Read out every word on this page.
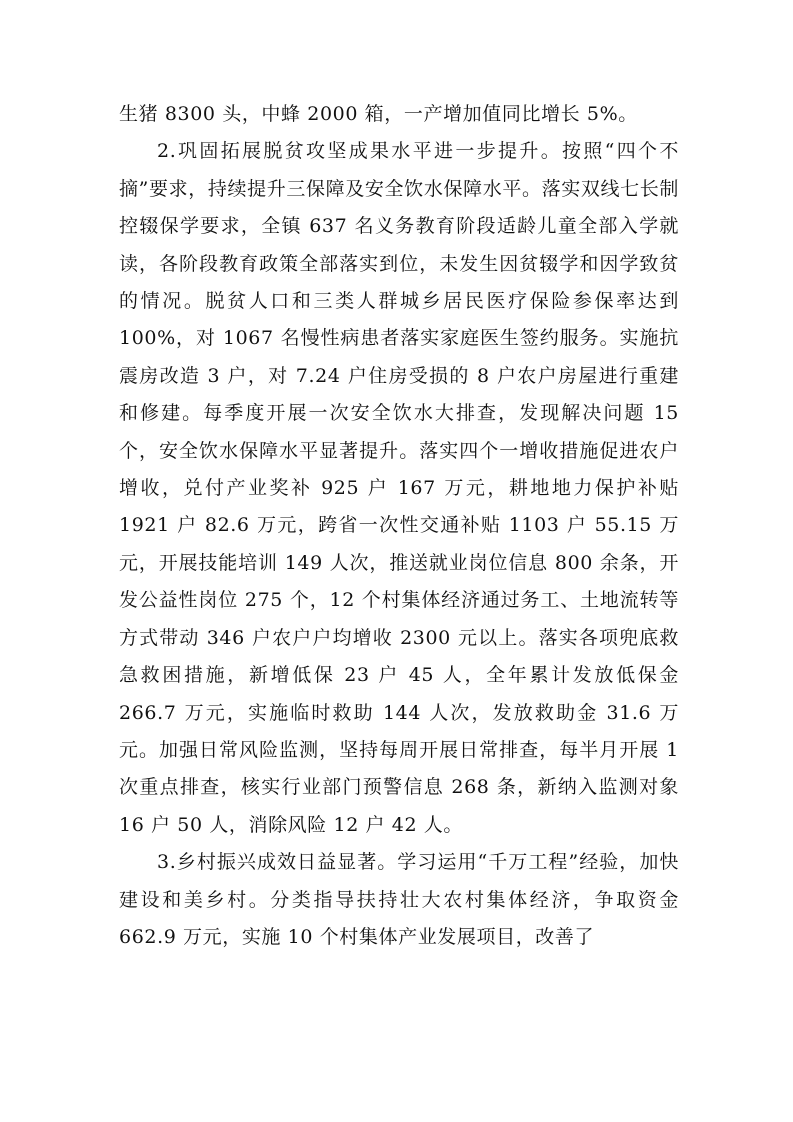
生猪 8300 头，中蜂 2000 箱，一产增加值同比增长 5%。

2.巩固拓展脱贫攻坚成果水平进一步提升。按照“四个不摘”要求，持续提升三保障及安全饮水保障水平。落实双线七长制控辍保学要求，全镇 637 名义务教育阶段适龄儿童全部入学就读，各阶段教育政策全部落实到位，未发生因贫辍学和因学致贫的情况。脱贫人口和三类人群城乡居民医疗保险参保率达到 100%，对 1067 名慢性病患者落实家庭医生签约服务。实施抗震房改造 3 户，对 7.24 户住房受损的 8 户农户房屋进行重建和修建。每季度开展一次安全饮水大排查，发现解决问题 15 个，安全饮水保障水平显著提升。落实四个一增收措施促进农户增收，兑付产业奖补 925 户 167 万元，耕地地力保护补贴 1921 户 82.6 万元，跨省一次性交通补贴 1103 户 55.15 万元，开展技能培训 149 人次，推送就业岗位信息 800 余条，开发公益性岗位 275 个，12 个村集体经济通过务工、土地流转等方式带动 346 户农户户均增收 2300 元以上。落实各项兜底救急救困措施，新增低保 23 户 45 人，全年累计发放低保金 266.7 万元，实施临时救助 144 人次，发放救助金 31.6 万元。加强日常风险监测，坚持每周开展日常排查，每半月开展 1 次重点排查，核实行业部门预警信息 268 条，新纳入监测对象 16 户 50 人，消除风险 12 户 42 人。

3.乡村振兴成效日益显著。学习运用“千万工程”经验，加快建设和美乡村。分类指导扶持壮大农村集体经济，争取资金 662.9 万元，实施 10 个村集体产业发展项目，改善了
